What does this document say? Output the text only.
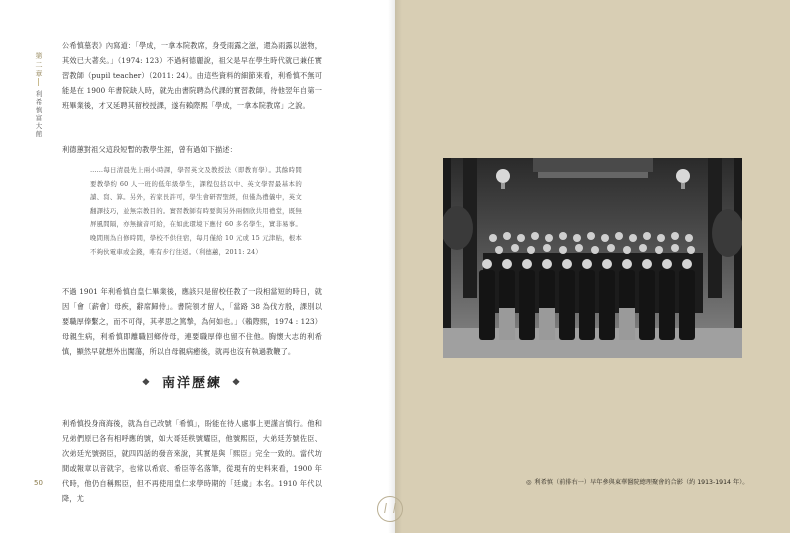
第
二
章
利
希
慎
富
大
館
公希慎墓表》內寫道：「學成，一拿本院教席，身受雨露之滋，還為雨露以滋物，其效已大著矣。」（1974: 123）不過柯德麗說，祖父是早在學生時代就已兼任實習教師（pupil teacher）（2011: 24）。由這些資料的細節來看，利希慎不無可能是在 1900 年書院缺人時，就先由書院聘為代課的實習教師，待他翌年自第一班畢業後，才又延聘其留校授課，遂有賴際熙「學成，一拿本院教席」之說。
利德蕙對祖父這段短暫的教學生涯，曾有過如下描述：
……每日清晨先上兩小時課，學習英文及教授法（即教育學）。其餘時間要教學約 60 人一班的低年級學生，課程包括以中、英文學習最基本的讀、寫、算。另外，若家長許可，學生會研習聖經，但僅為禮儀中，英文翻譯技巧，並無宗教目的。實習教師有時要與另外兩個欣共用禮堂，既無屏風間隔，亦無擴音可給，在如此環境下應付 60 多名學生，實非易事。晚間則為自修時間，學校不供住宿，每月僅給 10 元或 15 元津貼，根本不夠伙電車或金錢，唯有步行往返。（利德蕙，2011: 24）
不過 1901 年利希慎自皇仁畢業後，應該只是留校任教了一段相當短的時日，就因「會〔薪會〕母疾，辭席歸侍」。書院領才留人，「當路 38 為伐方殷，課別以要職厚俸繫之，而不可得，其孝思之篤摯，為何如也。」（賴際熙，1974 : 123）母親生病，利希慎即離職回鄉侍母，連要職厚俸也留不住他。胸懷大志的利希慎，顯然早就想外出闖蕩，所以自母親病癒後，就再也沒有執過教鞭了。
❖ 南洋歷練 ❖
利希慎投身商海後，就為自己改號「希慎」，盼能在待人處事上更謹言慎行。他和兄弟們原已各有相呼應的號，如大哥廷秩號耀臣，他號熙臣，大弟廷芳號佐臣、次弟廷光號弼臣，就四四話的發音來說，其實是與「熙臣」完全一致的。當代坊間或報章以音就字，也常以希宸、希臣等名落筆，從現有的史料來看，1900 年代時，他仍自稱熙臣，但不再使用皇仁求學時期的「廷虞」本名。1910 年代以降，尤
50	◎ 利希慎（前排右一）早年參與東華醫院總理聚會的合影（約 1913-1914 年）。
